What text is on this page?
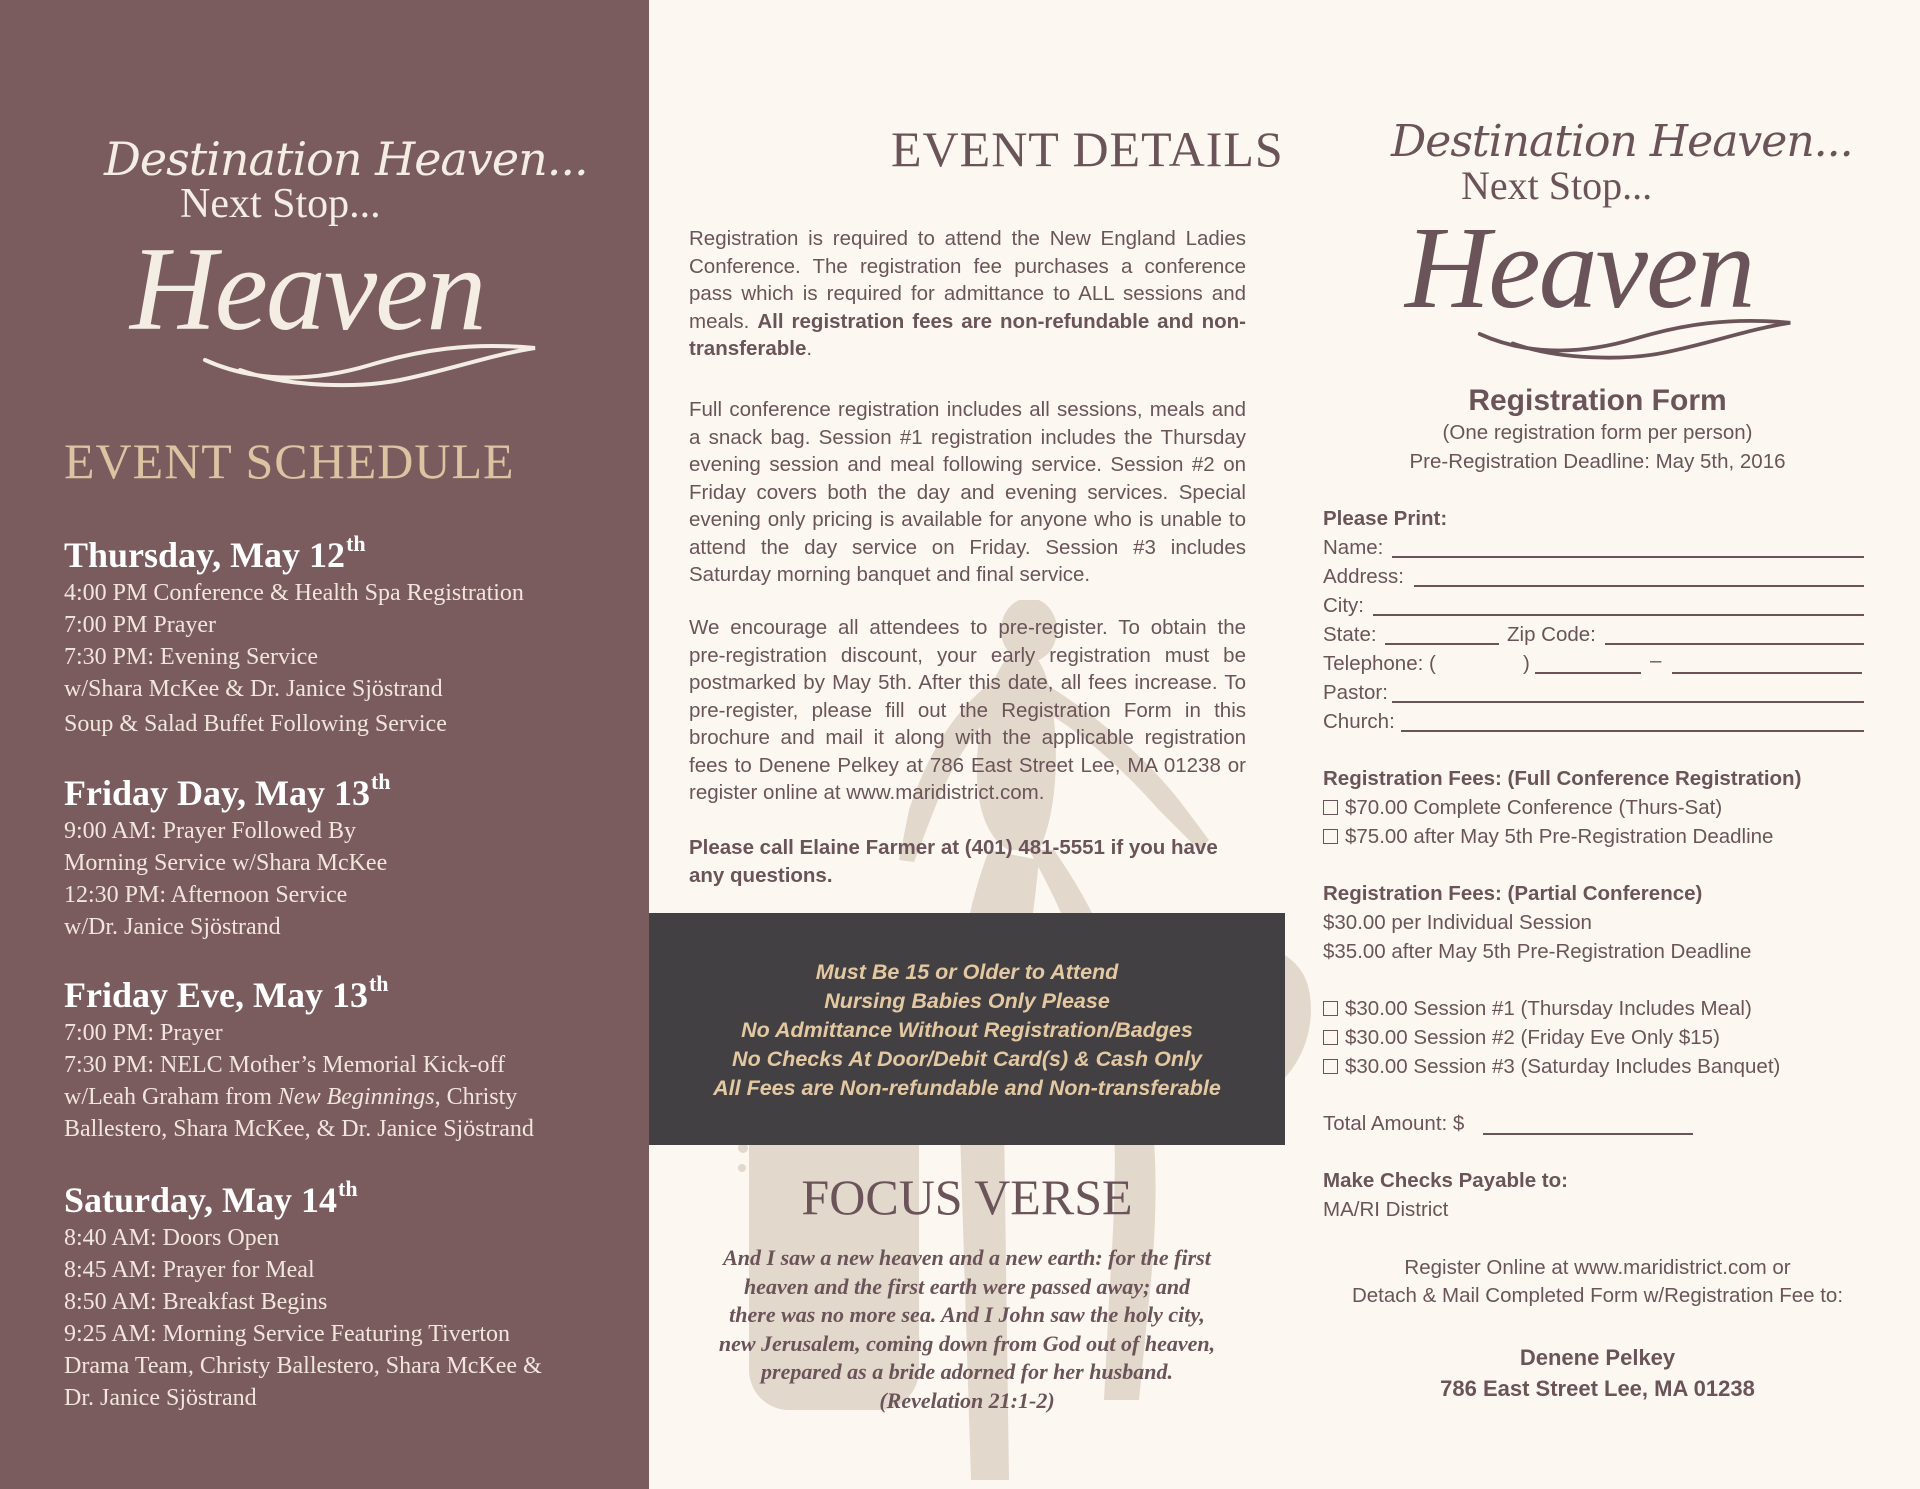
Destination Heaven...
Next Stop...
Heaven
EVENT SCHEDULE
Thursday, May 12th

4:00 PM Conference & Health Spa Registration

7:00 PM Prayer

7:30 PM: Evening Service

w/Shara McKee & Dr. Janice Sjöstrand

Soup & Salad Buffet Following Service

Friday Day, May 13th

9:00 AM: Prayer Followed By

Morning Service w/Shara McKee

12:30 PM: Afternoon Service

w/Dr. Janice Sjöstrand

Friday Eve, May 13th

7:00 PM: Prayer

7:30 PM: NELC Mother’s Memorial Kick-off

w/Leah Graham from New Beginnings, Christy

Ballestero, Shara McKee, & Dr. Janice Sjöstrand

Saturday, May 14th

8:40 AM: Doors Open

8:45 AM: Prayer for Meal

8:50 AM: Breakfast Begins

9:25 AM: Morning Service Featuring Tiverton

Drama Team, Christy Ballestero, Shara McKee &

Dr. Janice Sjöstrand

EVENT DETAILS

Registration is required to attend the New England Ladies Conference. The registration fee purchases a conference pass which is required for admittance to ALL sessions and meals. All registration fees are non-refundable and non-transferable.

Full conference registration includes all sessions, meals and a snack bag. Session #1 registration includes the Thursday evening session and meal following service. Session #2 on Friday covers both the day and evening services. Special evening only pricing is available for anyone who is unable to attend the day service on Friday. Session #3 includes Saturday morning banquet and final service.

We encourage all attendees to pre-register. To obtain the pre-registration discount, your early registration must be postmarked by May 5th. After this date, all fees increase. To pre-register, please fill out the Registration Form in this brochure and mail it along with the applicable registration fees to Denene Pelkey at 786 East Street Lee, MA 01238 or register online at www.maridistrict.com.

Please call Elaine Farmer at (401) 481-5551 if you have any questions.

Must Be 15 or Older to Attend
Nursing Babies Only Please
No Admittance Without Registration/Badges
No Checks At Door/Debit Card(s) & Cash Only
All Fees are Non-refundable and Non-transferable
FOCUS VERSE
And I saw a new heaven and a new earth: for the first
heaven and the first earth were passed away; and
there was no more sea. And I John saw the holy city,
new Jerusalem, coming down from God out of heaven,
prepared as a bride adorned for her husband.
(Revelation 21:1-2)
Destination Heaven...
Next Stop...
Heaven
Registration Form
(One registration form per person)
Pre-Registration Deadline: May 5th, 2016
Please Print:
Name:
Address:
City:
State:	Zip Code:
Telephone: (	)	–
Pastor:
Church:
Registration Fees: (Full Conference Registration)
$70.00 Complete Conference (Thurs-Sat)
$75.00 after May 5th Pre-Registration Deadline
Registration Fees: (Partial Conference)
$30.00 per Individual Session
$35.00 after May 5th Pre-Registration Deadline
$30.00 Session #1 (Thursday Includes Meal)
$30.00 Session #2 (Friday Eve Only $15)
$30.00 Session #3 (Saturday Includes Banquet)
Total Amount: $
Make Checks Payable to:
MA/RI District
Register Online at www.maridistrict.com or
Detach & Mail Completed Form w/Registration Fee to:
Denene Pelkey
786 East Street Lee, MA 01238
